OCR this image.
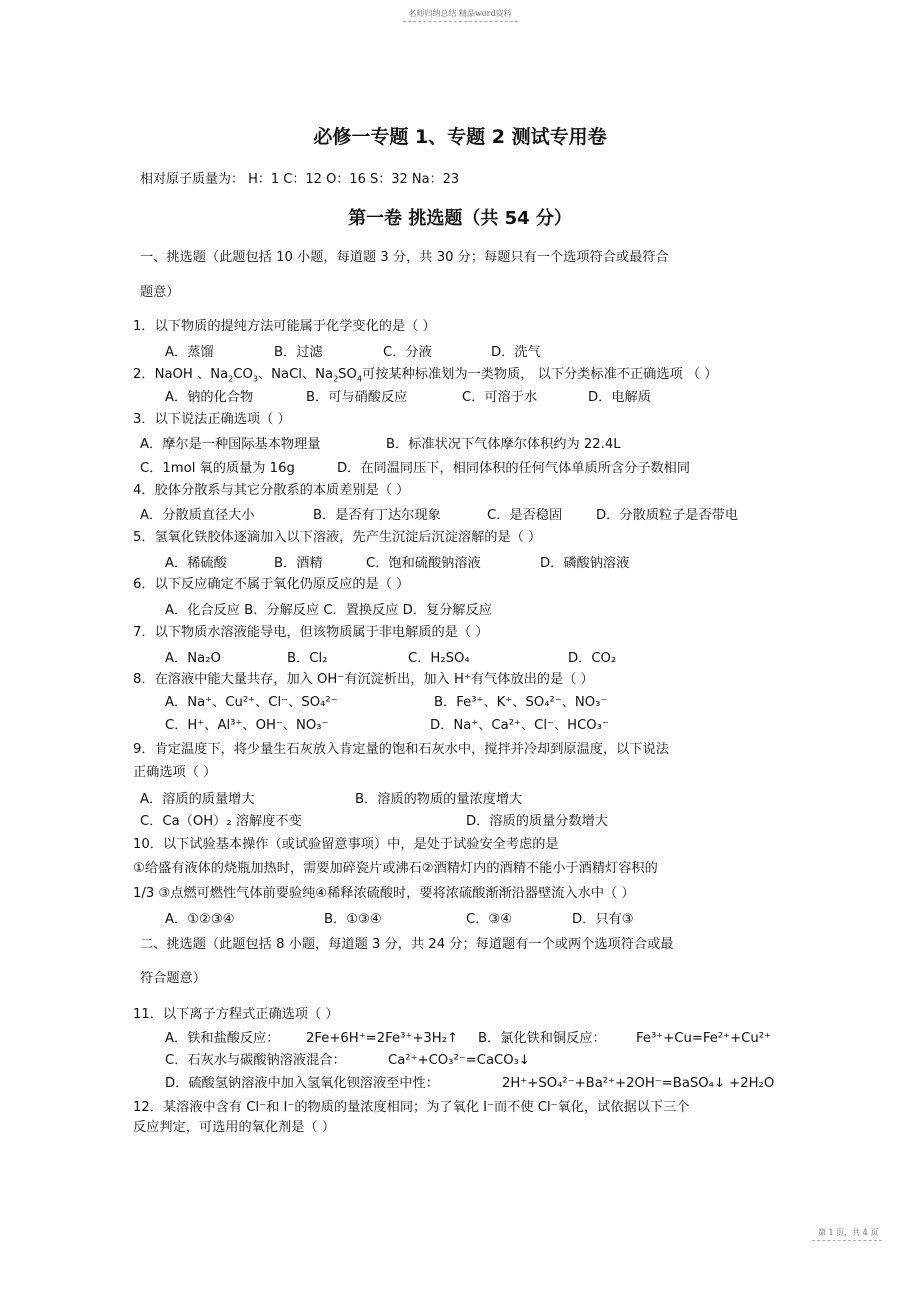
名师归纳总结 精品word资料
必修一专题 1、专题 2 测试专用卷
相对原子质量为： H：1 C：12 O：16 S：32 Na：23
第一卷 挑选题（共 54 分）
一、挑选题（此题包括 10 小题，每道题 3 分，共 30 分；每题只有一个选项符合或最符合
题意）
1．以下物质的提纯方法可能属于化学变化的是（ ）
A．蒸馏	B．过滤	C．分液	D．洗气
2．NaOH 、$Na_2CO_3$、NaCl、$Na_2SO_4$可按某种标准划为一类物质， 以下分类标准不正确选项 （ ）
A．钠的化合物	B．可与硝酸反应	C．可溶于水	D．电解质
3．以下说法正确选项（ ）
A．摩尔是一种国际基本物理量	B．标准状况下气体摩尔体积约为 22.4L
C．1mol 氧的质量为 16g	D．在同温同压下，相同体积的任何气体单质所含分子数相同
4．胶体分散系与其它分散系的本质差别是（ ）
A．分散质直径大小	B．是否有丁达尔现象	C．是否稳固	D．分散质粒子是否带电
5．氢氧化铁胶体逐滴加入以下溶液，先产生沉淀后沉淀溶解的是（ ）
A．稀硫酸	B．酒精	C．饱和硫酸钠溶液	D．磷酸钠溶液
6．以下反应确定不属于氧化仍原反应的是（ ）
A．化合反应 B．分解反应 C．置换反应 D．复分解反应
7．以下物质水溶液能导电，但该物质属于非电解质的是（ ）
A．Na₂O	B．Cl₂	C．H₂SO₄	D．CO₂
8．在溶液中能大量共存，加入 OH⁻有沉淀析出，加入 H⁺有气体放出的是（ ）
A．Na⁺、Cu²⁺、Cl⁻、SO₄²⁻	B．Fe³⁺、K⁺、SO₄²⁻、NO₃⁻
C．H⁺、Al³⁺、OH⁻、NO₃⁻	D．Na⁺、Ca²⁺、Cl⁻、HCO₃⁻
9．肯定温度下，将少量生石灰放入肯定量的饱和石灰水中，搅拌并冷却到原温度，以下说法
正确选项（ ）
A．溶质的质量增大	B．溶质的物质的量浓度增大
C．Ca（OH）₂ 溶解度不变	D．溶质的质量分数增大
10．以下试验基本操作（或试验留意事项）中，是处于试验安全考虑的是
①给盛有液体的烧瓶加热时，需要加碎瓷片或沸石②酒精灯内的酒精不能小于酒精灯容积的
1/3 ③点燃可燃性气体前要验纯④稀释浓硫酸时，要将浓硫酸渐渐沿器壁流入水中（ ）
A．①②③④	B．①③④	C．③④	D．只有③
二、挑选题（此题包括 8 小题，每道题 3 分，共 24 分；每道题有一个或两个选项符合或最
符合题意）
11．以下离子方程式正确选项（ ）
A．铁和盐酸反应： 2Fe+6H⁺=2Fe³⁺+3H₂↑ B．氯化铁和铜反应： Fe³⁺+Cu=Fe²⁺+Cu²⁺
C．石灰水与碳酸钠溶液混合：	Ca²⁺+CO₃²⁻=CaCO₃↓
D．硫酸氢钠溶液中加入氢氧化钡溶液至中性：	2H⁺+SO₄²⁻+Ba²⁺+2OH⁻=BaSO₄↓ +2H₂O
12．某溶液中含有 Cl⁻和 I⁻的物质的量浓度相同；为了氧化 I⁻而不使 Cl⁻氧化，试依据以下三个
反应判定，可选用的氧化剂是（ ）
第 1 页，共 4 页
